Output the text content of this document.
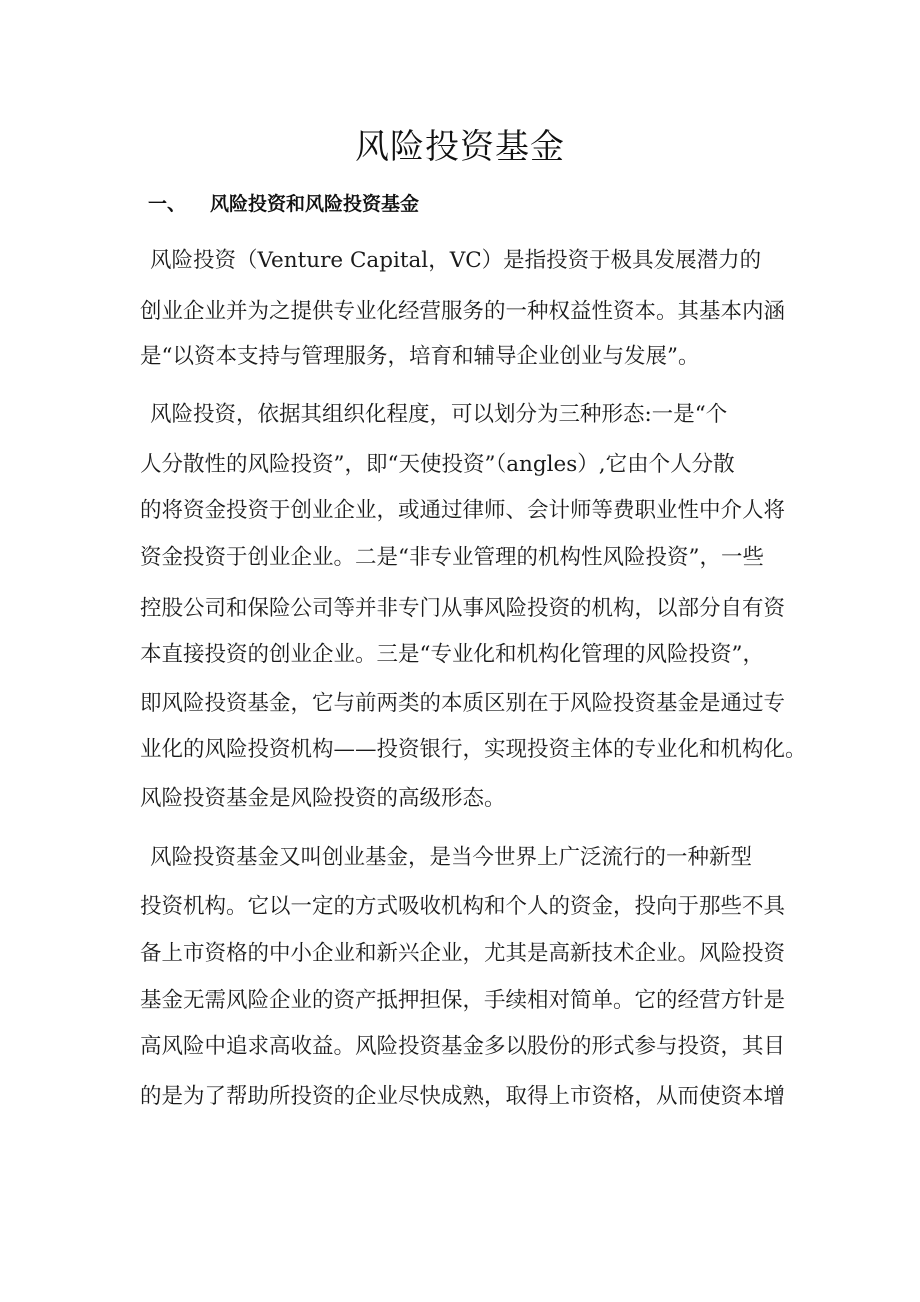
风险投资基金
一、 风险投资和风险投资基金

风险投资（Venture Capital，VC）是指投资于极具发展潜力的

创业企业并为之提供专业化经营服务的一种权益性资本。其基本内涵

是“以资本支持与管理服务，培育和辅导企业创业与发展”。

风险投资，依据其组织化程度，可以划分为三种形态:一是“个

人分散性的风险投资”，即“天使投资”（angles）,它由个人分散

的将资金投资于创业企业，或通过律师、会计师等费职业性中介人将

资金投资于创业企业。二是“非专业管理的机构性风险投资”，一些

控股公司和保险公司等并非专门从事风险投资的机构，以部分自有资

本直接投资的创业企业。三是“专业化和机构化管理的风险投资”，

即风险投资基金，它与前两类的本质区别在于风险投资基金是通过专

业化的风险投资机构——投资银行，实现投资主体的专业化和机构化。

风险投资基金是风险投资的高级形态。

风险投资基金又叫创业基金，是当今世界上广泛流行的一种新型

投资机构。它以一定的方式吸收机构和个人的资金，投向于那些不具

备上市资格的中小企业和新兴企业，尤其是高新技术企业。风险投资

基金无需风险企业的资产抵押担保，手续相对简单。它的经营方针是

高风险中追求高收益。风险投资基金多以股份的形式参与投资，其目

的是为了帮助所投资的企业尽快成熟，取得上市资格，从而使资本增
